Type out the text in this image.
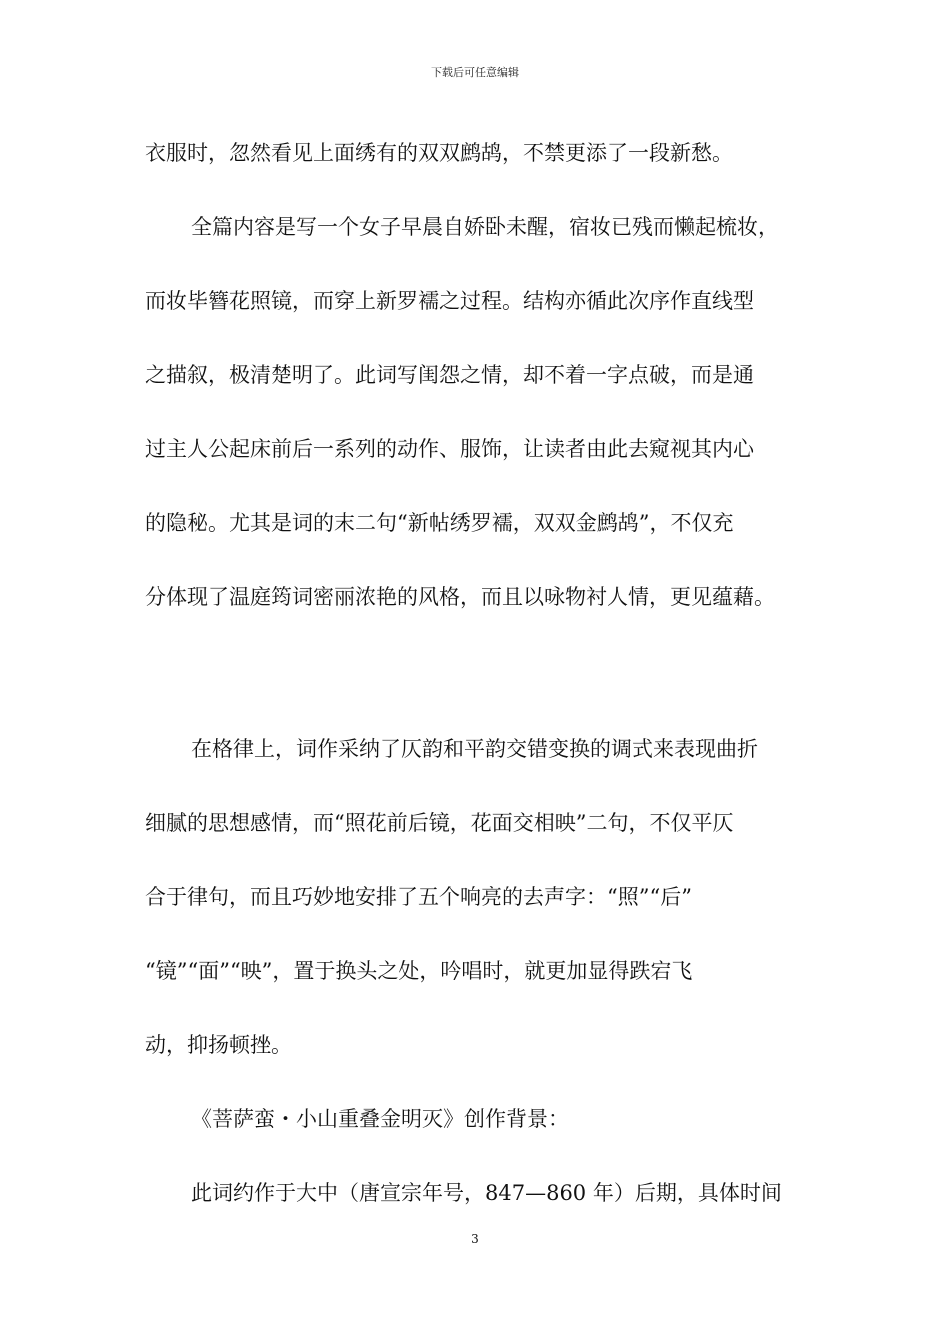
下载后可任意编辑
衣服时，忽然看见上面绣有的双双鹧鸪，不禁更添了一段新愁。
全篇内容是写一个女子早晨自娇卧未醒，宿妆已残而懒起梳妆，
而妆毕簪花照镜，而穿上新罗襦之过程。结构亦循此次序作直线型
之描叙，极清楚明了。此词写闺怨之情，却不着一字点破，而是通
过主人公起床前后一系列的动作、服饰，让读者由此去窥视其内心
的隐秘。尤其是词的末二句“新帖绣罗襦，双双金鹧鸪”，不仅充
分体现了温庭筠词密丽浓艳的风格，而且以咏物衬人情，更见蕴藉。
在格律上，词作采纳了仄韵和平韵交错变换的调式来表现曲折
细腻的思想感情，而“照花前后镜，花面交相映”二句，不仅平仄
合于律句，而且巧妙地安排了五个响亮的去声字：“照”“后”
“镜”“面”“映”，置于换头之处，吟唱时，就更加显得跌宕飞
动，抑扬顿挫。
《菩萨蛮・小山重叠金明灭》创作背景：
此词约作于大中（唐宣宗年号，847—860 年）后期，具体时间
3
